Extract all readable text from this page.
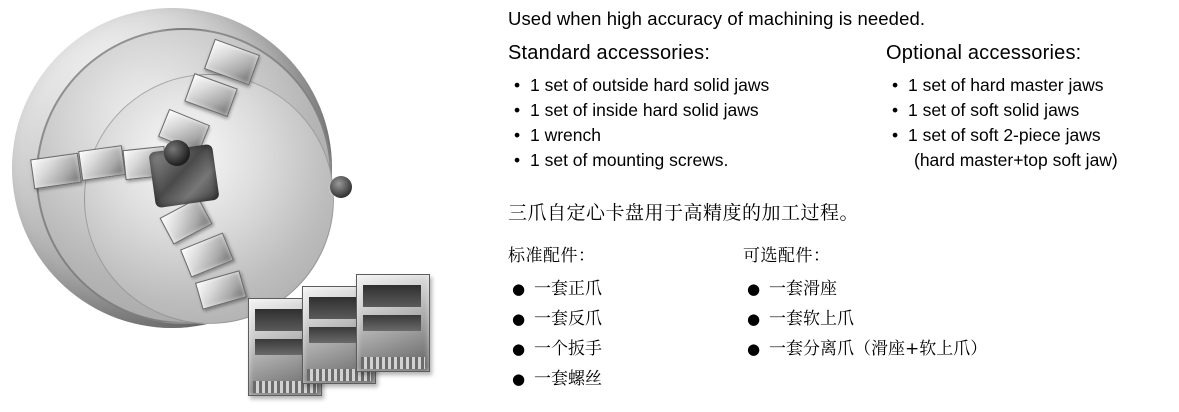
Used when high accuracy of machining is needed.
Standard accessories:
• 1 set of outside hard solid jaws
• 1 set of inside hard solid jaws
• 1 wrench
• 1 set of mounting screws.
Optional accessories:
• 1 set of hard master jaws
• 1 set of soft solid jaws
• 1 set of soft 2-piece jaws
(hard master+top soft jaw)
三爪自定心卡盘用于高精度的加工过程。
标准配件：
● 一套正爪
● 一套反爪
● 一个扳手
● 一套螺丝
可选配件：
● 一套滑座
● 一套软上爪
● 一套分离爪（滑座+软上爪）
